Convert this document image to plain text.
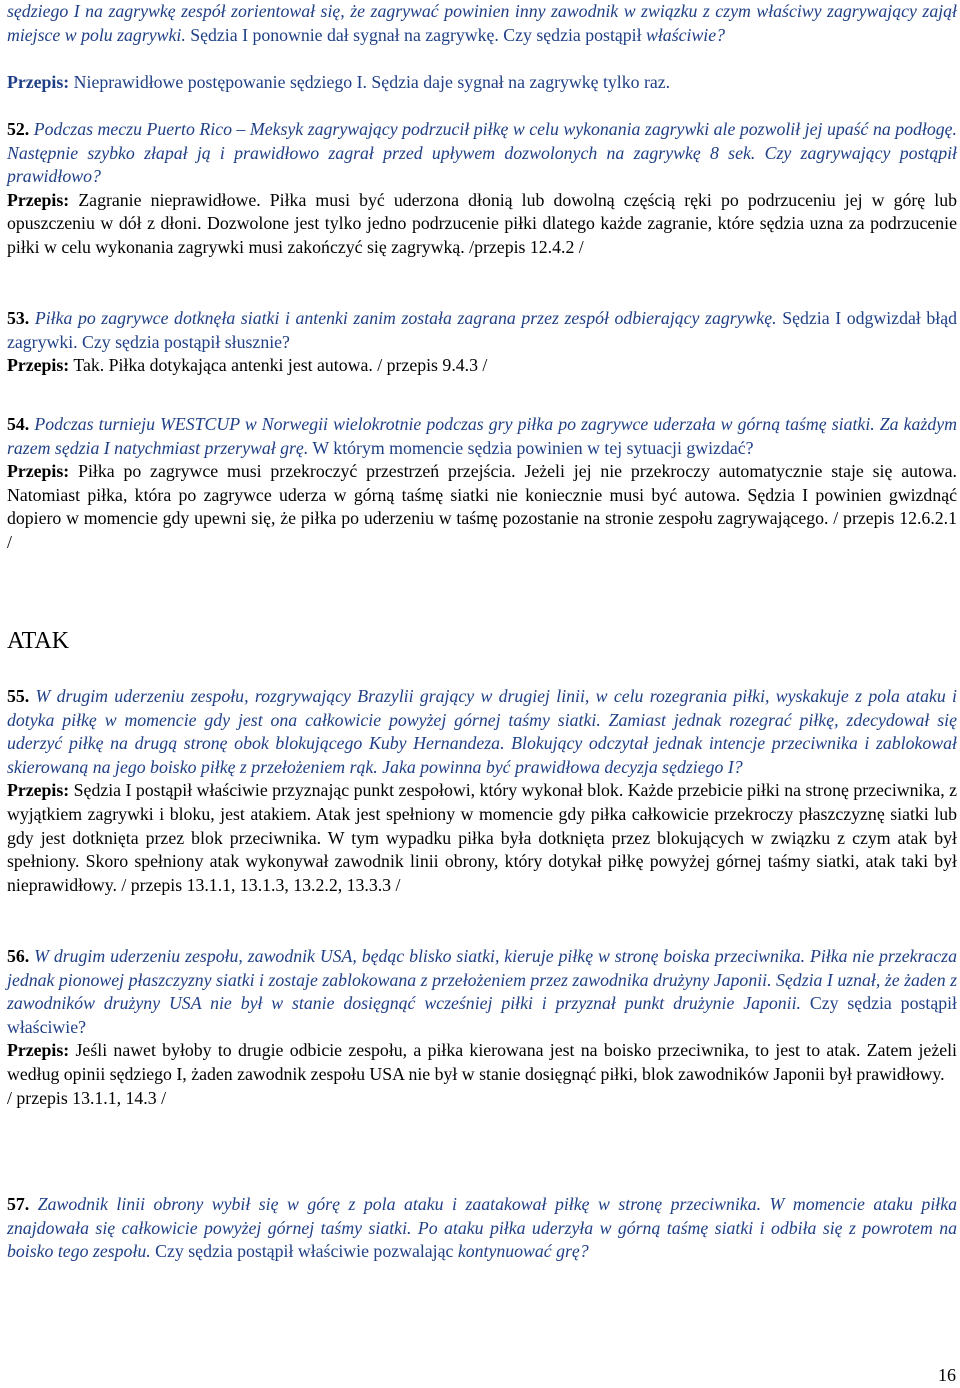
sędziego I na zagrywkę zespół zorientował się, że zagrywać powinien inny zawodnik w związku z czym właściwy zagrywający zajął miejsce w polu zagrywki. Sędzia I ponownie dał sygnał na zagrywkę. Czy sędzia postąpił właściwie?

Przepis: Nieprawidłowe postępowanie sędziego I. Sędzia daje sygnał na zagrywkę tylko raz.

52. Podczas meczu Puerto Rico – Meksyk zagrywający podrzucił piłkę w celu wykonania zagrywki ale pozwolił jej upaść na podłogę. Następnie szybko złapał ją i prawidłowo zagrał przed upływem dozwolonych na zagrywkę 8 sek. Czy zagrywający postąpił prawidłowo?
Przepis: Zagranie nieprawidłowe. Piłka musi być uderzona dłonią lub dowolną częścią ręki po podrzuceniu jej w górę lub opuszczeniu w dół z dłoni. Dozwolone jest tylko jedno podrzucenie piłki dlatego każde zagranie, które sędzia uzna za podrzucenie piłki w celu wykonania zagrywki musi zakończyć się zagrywką. /przepis 12.4.2 /

53. Piłka po zagrywce dotknęła siatki i antenki zanim została zagrana przez zespół odbierający zagrywkę. Sędzia I odgwizdał błąd zagrywki. Czy sędzia postąpił słusznie?
Przepis: Tak. Piłka dotykająca antenki jest autowa. / przepis 9.4.3 /

54. Podczas turnieju WESTCUP w Norwegii wielokrotnie podczas gry piłka po zagrywce uderzała w górną taśmę siatki. Za każdym razem sędzia I natychmiast przerywał grę. W którym momencie sędzia powinien w tej sytuacji gwizdać?
Przepis: Piłka po zagrywce musi przekroczyć przestrzeń przejścia. Jeżeli jej nie przekroczy automatycznie staje się autowa. Natomiast piłka, która po zagrywce uderza w górną taśmę siatki nie koniecznie musi być autowa. Sędzia I powinien gwizdnąć dopiero w momencie gdy upewni się, że piłka po uderzeniu w taśmę pozostanie na stronie zespołu zagrywającego. / przepis 12.6.2.1 /

ATAK

55. W drugim uderzeniu zespołu, rozgrywający Brazylii grający w drugiej linii, w celu rozegrania piłki, wyskakuje z pola ataku i dotyka piłkę w momencie gdy jest ona całkowicie powyżej górnej taśmy siatki. Zamiast jednak rozegrać piłkę, zdecydował się uderzyć piłkę na drugą stronę obok blokującego Kuby Hernandeza. Blokujący odczytał jednak intencje przeciwnika i zablokował skierowaną na jego boisko piłkę z przełożeniem rąk. Jaka powinna być prawidłowa decyzja sędziego I?
Przepis: Sędzia I postąpił właściwie przyznając punkt zespołowi, który wykonał blok. Każde przebicie piłki na stronę przeciwnika, z wyjątkiem zagrywki i bloku, jest atakiem. Atak jest spełniony w momencie gdy piłka całkowicie przekroczy płaszczyznę siatki lub gdy jest dotknięta przez blok przeciwnika. W tym wypadku piłka była dotknięta przez blokujących w związku z czym atak był spełniony. Skoro spełniony atak wykonywał zawodnik linii obrony, który dotykał piłkę powyżej górnej taśmy siatki, atak taki był nieprawidłowy. / przepis 13.1.1, 13.1.3, 13.2.2, 13.3.3 /

56. W drugim uderzeniu zespołu, zawodnik USA, będąc blisko siatki, kieruje piłkę w stronę boiska przeciwnika. Piłka nie przekracza jednak pionowej płaszczyzny siatki i zostaje zablokowana z przełożeniem przez zawodnika drużyny Japonii. Sędzia I uznał, że żaden z zawodników drużyny USA nie był w stanie dosięgnąć wcześniej piłki i przyznał punkt drużynie Japonii. Czy sędzia postąpił właściwie?
Przepis: Jeśli nawet byłoby to drugie odbicie zespołu, a piłka kierowana jest na boisko przeciwnika, to jest to atak. Zatem jeżeli według opinii sędziego I, żaden zawodnik zespołu USA nie był w stanie dosięgnąć piłki, blok zawodników Japonii był prawidłowy.
/ przepis 13.1.1, 14.3 /

57. Zawodnik linii obrony wybił się w górę z pola ataku i zaatakował piłkę w stronę przeciwnika. W momencie ataku piłka znajdowała się całkowicie powyżej górnej taśmy siatki. Po ataku piłka uderzyła w górną taśmę siatki i odbiła się z powrotem na boisko tego zespołu. Czy sędzia postąpił właściwie pozwalając kontynuować grę?

16
